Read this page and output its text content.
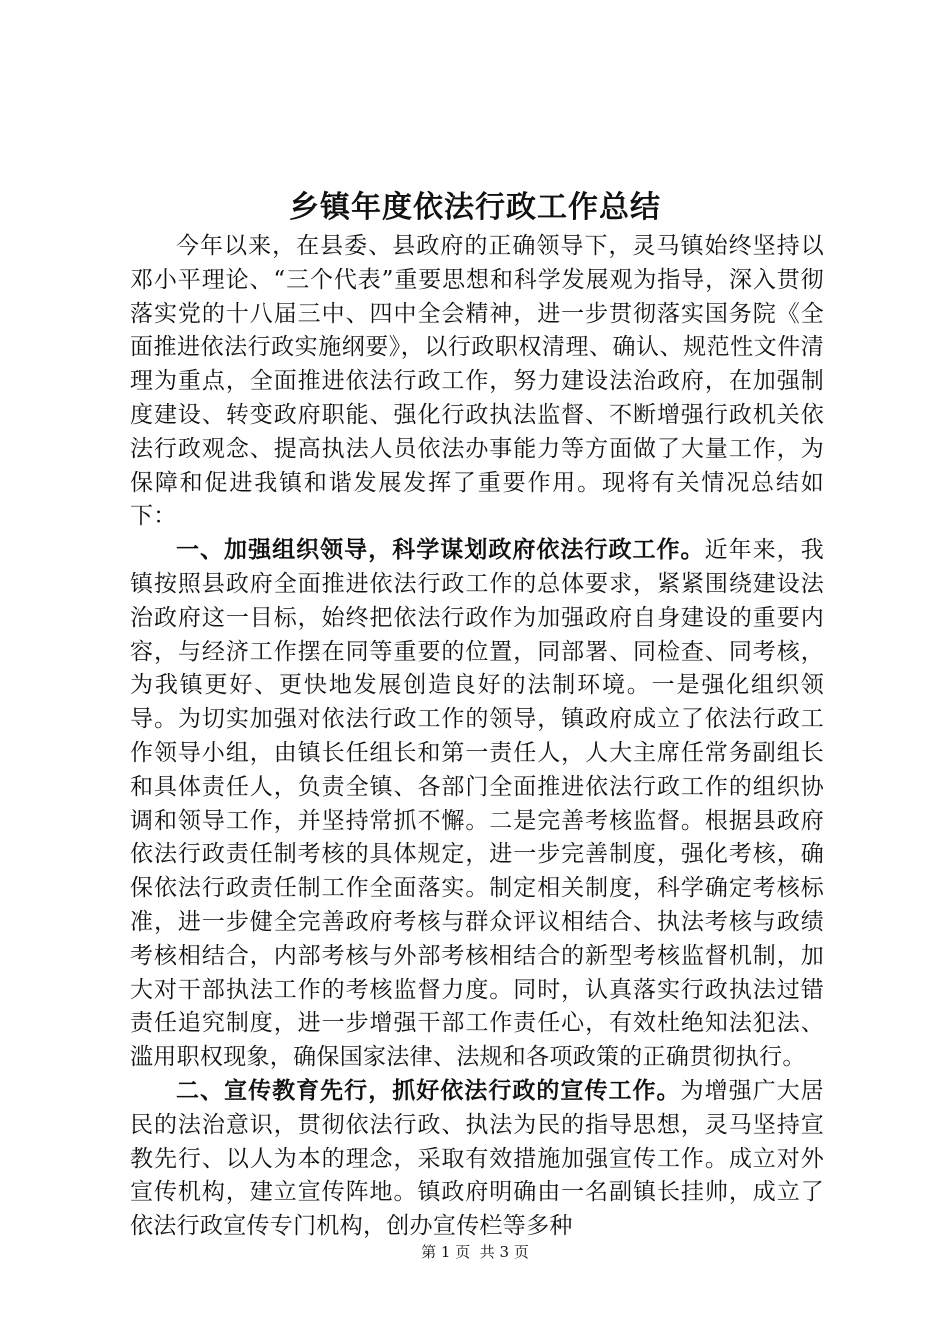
乡镇年度依法行政工作总结

今年以来，在县委、县政府的正确领导下，灵马镇始终坚持以邓小平理论、“三个代表”重要思想和科学发展观为指导，深入贯彻落实党的十八届三中、四中全会精神，进一步贯彻落实国务院《全面推进依法行政实施纲要》，以行政职权清理、确认、规范性文件清理为重点，全面推进依法行政工作，努力建设法治政府，在加强制度建设、转变政府职能、强化行政执法监督、不断增强行政机关依法行政观念、提高执法人员依法办事能力等方面做了大量工作，为保障和促进我镇和谐发展发挥了重要作用。现将有关情况总结如下：

一、加强组织领导，科学谋划政府依法行政工作。近年来，我镇按照县政府全面推进依法行政工作的总体要求，紧紧围绕建设法治政府这一目标，始终把依法行政作为加强政府自身建设的重要内容，与经济工作摆在同等重要的位置，同部署、同检查、同考核，为我镇更好、更快地发展创造良好的法制环境。一是强化组织领导。为切实加强对依法行政工作的领导，镇政府成立了依法行政工作领导小组，由镇长任组长和第一责任人，人大主席任常务副组长和具体责任人，负责全镇、各部门全面推进依法行政工作的组织协调和领导工作，并坚持常抓不懈。二是完善考核监督。根据县政府依法行政责任制考核的具体规定，进一步完善制度，强化考核，确保依法行政责任制工作全面落实。制定相关制度，科学确定考核标准，进一步健全完善政府考核与群众评议相结合、执法考核与政绩考核相结合，内部考核与外部考核相结合的新型考核监督机制，加大对干部执法工作的考核监督力度。同时，认真落实行政执法过错责任追究制度，进一步增强干部工作责任心，有效杜绝知法犯法、滥用职权现象，确保国家法律、法规和各项政策的正确贯彻执行。

二、宣传教育先行，抓好依法行政的宣传工作。为增强广大居民的法治意识，贯彻依法行政、执法为民的指导思想，灵马坚持宣教先行、以人为本的理念，采取有效措施加强宣传工作。成立对外宣传机构，建立宣传阵地。镇政府明确由一名副镇长挂帅，成立了依法行政宣传专门机构，创办宣传栏等多种

第 1 页 共 3 页
